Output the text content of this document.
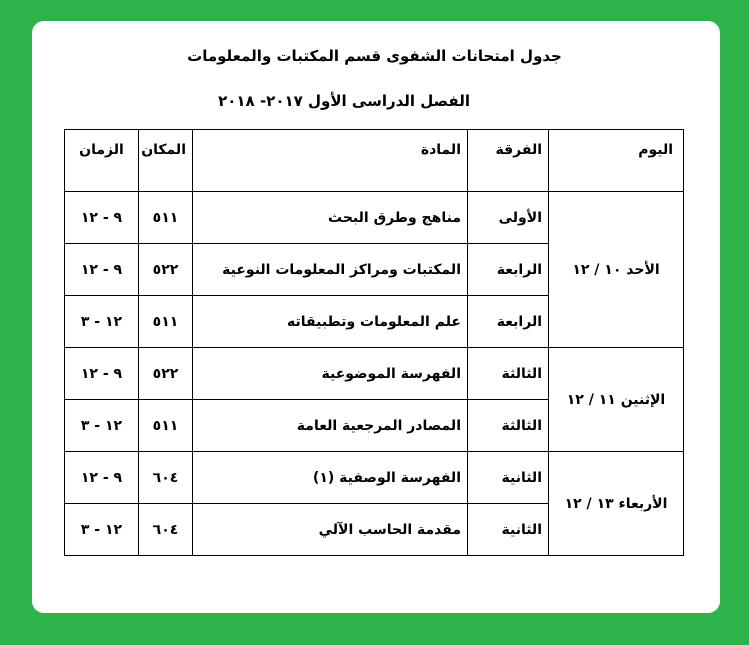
جدول امتحانات الشفوى قسم المكتبات والمعلومات
الفصل الدراسى الأول ٢٠١٧- ٢٠١٨
اليوم	الفرقة	المادة	المكان	الزمان
الأحد ١٠ / ١٢	الأولى	مناهج وطرق البحث	٥١١	٩ - ١٢
	الرابعة	المكتبات ومراكز المعلومات النوعية	٥٢٢	٩ - ١٢
	الرابعة	علم المعلومات وتطبيقاته	٥١١	١٢ - ٣
الإثنين ١١ / ١٢	الثالثة	الفهرسة الموضوعية	٥٢٢	٩ - ١٢
	الثالثة	المصادر المرجعية العامة	٥١١	١٢ - ٣
الأربعاء ١٣ / ١٢	الثانية	الفهرسة الوصفية (١)	٦٠٤	٩ - ١٢
	الثانية	مقدمة الحاسب الآلي	٦٠٤	١٢ - ٣
